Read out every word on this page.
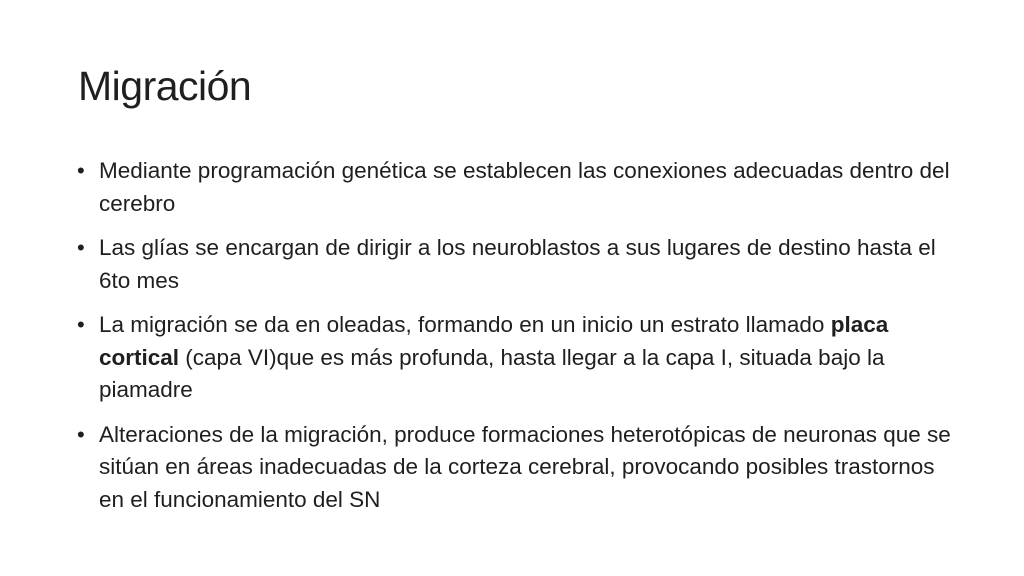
Migración
• Mediante programación genética se establecen las conexiones adecuadas dentro del cerebro
• Las glías se encargan de dirigir a los neuroblastos a sus lugares de destino hasta el 6to mes
• La migración se da en oleadas, formando en un inicio un estrato llamado placa cortical (capa VI)que es más profunda, hasta llegar a la capa I, situada bajo la piamadre
• Alteraciones de la migración, produce formaciones heterotópicas de neuronas que se sitúan en áreas inadecuadas de la corteza cerebral, provocando posibles trastornos en el funcionamiento del SN
